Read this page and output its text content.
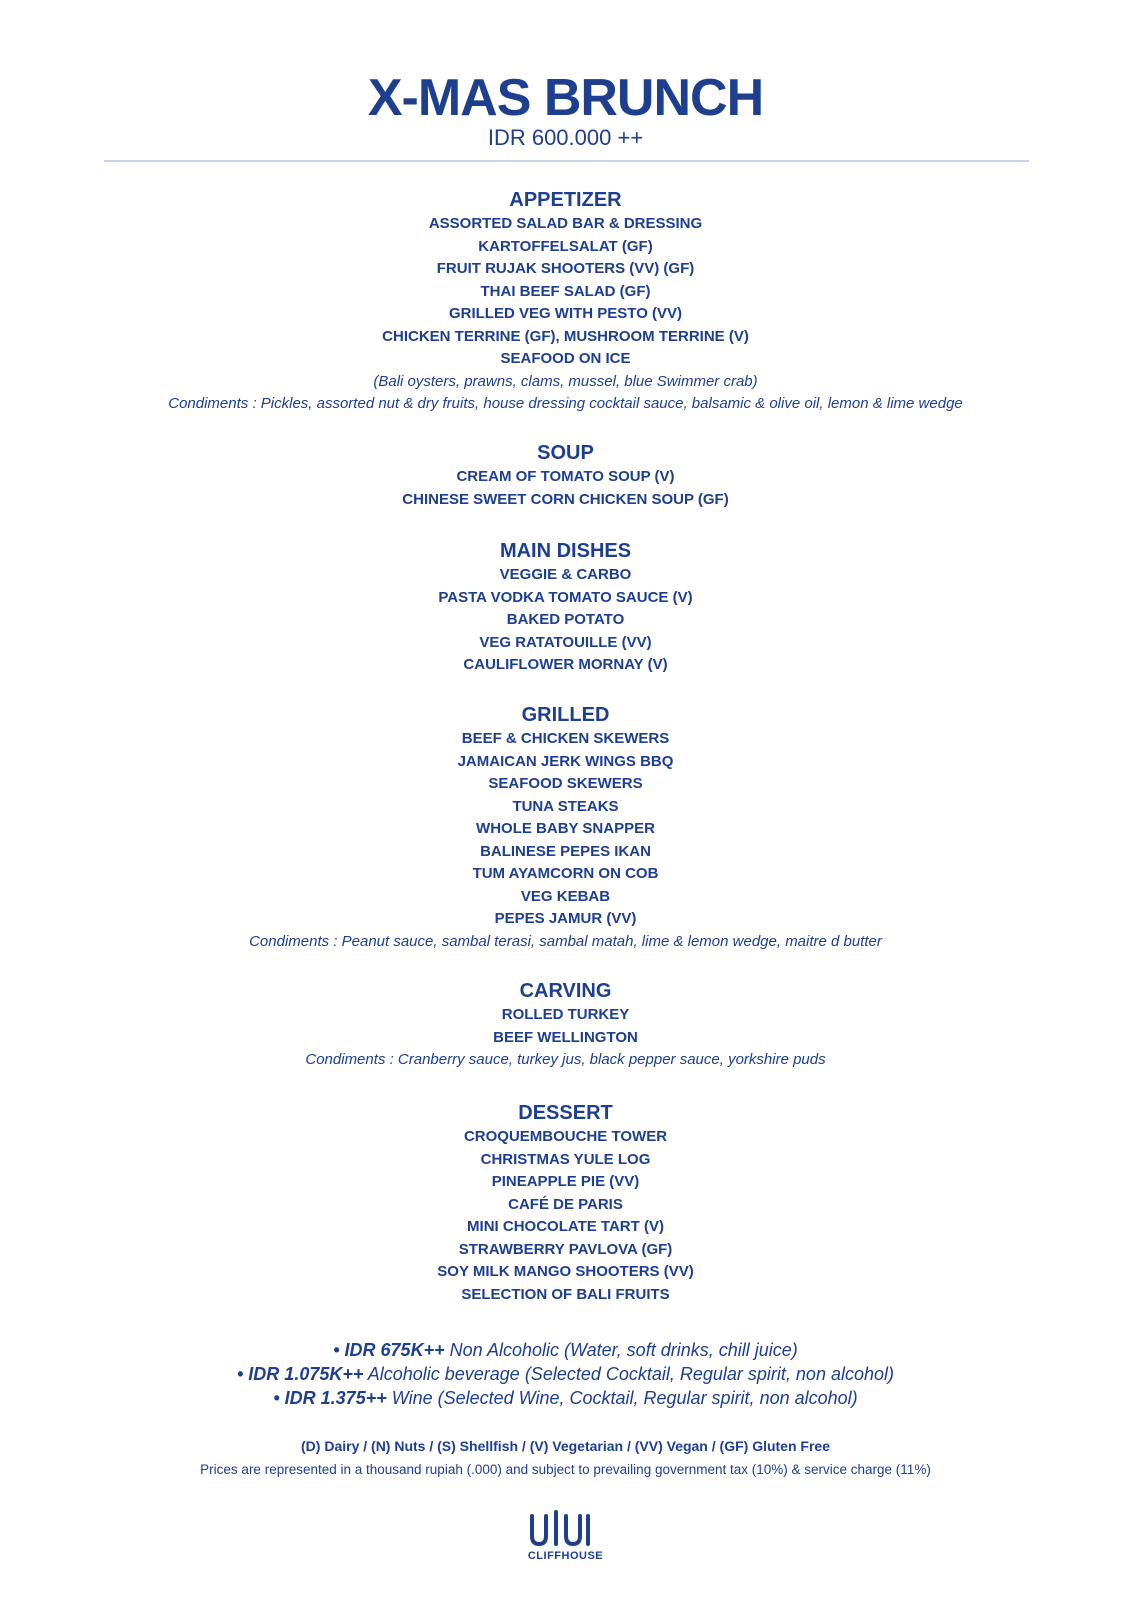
X-MAS BRUNCH
IDR 600.000 ++
APPETIZER
ASSORTED SALAD BAR & DRESSING
KARTOFFELSALAT (GF)
FRUIT RUJAK SHOOTERS (VV) (GF)
THAI BEEF SALAD (GF)
GRILLED VEG WITH PESTO (VV)
CHICKEN TERRINE (GF), MUSHROOM TERRINE (V)
SEAFOOD ON ICE
(Bali oysters, prawns, clams, mussel, blue Swimmer crab)
Condiments : Pickles, assorted nut & dry fruits, house dressing cocktail sauce, balsamic & olive oil, lemon & lime wedge
SOUP
CREAM OF TOMATO SOUP (V)
CHINESE SWEET CORN CHICKEN SOUP (GF)
MAIN DISHES
VEGGIE & CARBO
PASTA VODKA TOMATO SAUCE (V)
BAKED POTATO
VEG RATATOUILLE (VV)
CAULIFLOWER MORNAY (V)
GRILLED
BEEF & CHICKEN SKEWERS
JAMAICAN JERK WINGS BBQ
SEAFOOD SKEWERS
TUNA STEAKS
WHOLE BABY SNAPPER
BALINESE PEPES IKAN
TUM AYAMCORN ON COB
VEG KEBAB
PEPES JAMUR (VV)
Condiments : Peanut sauce, sambal terasi, sambal matah, lime & lemon wedge, maitre d butter
CARVING
ROLLED TURKEY
BEEF WELLINGTON
Condiments : Cranberry sauce, turkey jus, black pepper sauce, yorkshire puds
DESSERT
CROQUEMBOUCHE TOWER
CHRISTMAS YULE LOG
PINEAPPLE PIE (VV)
CAFÉ DE PARIS
MINI CHOCOLATE TART (V)
STRAWBERRY PAVLOVA (GF)
SOY MILK MANGO SHOOTERS (VV)
SELECTION OF BALI FRUITS
• IDR 675K++ Non Alcoholic (Water, soft drinks, chill juice)
• IDR 1.075K++ Alcoholic beverage (Selected Cocktail, Regular spirit, non alcohol)
• IDR 1.375++ Wine (Selected Wine, Cocktail, Regular spirit, non alcohol)
(D) Dairy / (N) Nuts / (S) Shellfish / (V) Vegetarian / (VV) Vegan / (GF) Gluten Free
Prices are represented in a thousand rupiah (.000) and subject to prevailing government tax (10%) & service charge (11%)
CLIFFHOUSE
